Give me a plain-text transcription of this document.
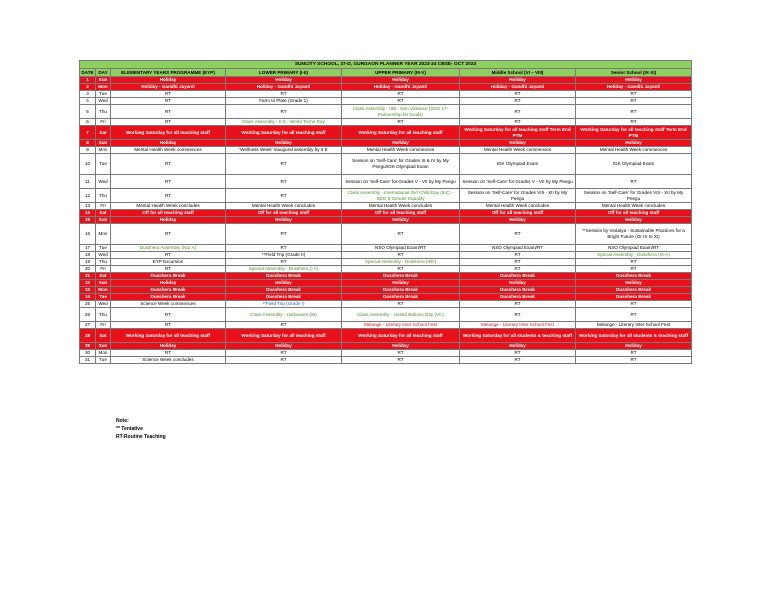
SUNCITY SCHOOL, 37-D, GURGAON PLANNER YEAR 2023-24 CBSE- OCT 2023						
DATE	DAY	ELEMENTARY YEARS PROGRAMME (EYP)	LOWER PRIMARY (I-II)	UPPER PRIMARY (III-V)	Middle School (VI – VIII)	Senior School (IX-XI)
1	Sun	Holiday	Holiday	Holiday	Holiday	Holiday
2	Mon	Holiday - Gandhi Jayanti	Holiday - Gandhi Jayanti	Holiday - Gandhi Jayanti	Holiday - Gandhi Jayanti	Holiday - Gandhi Jayanti
3	Tue	RT	RT	RT	RT	RT
4	Wed	RT	Farm to Plate (Grade 1)	RT	RT	RT
5	Thu	RT	RT	Class Assembly - IIIB - Non Violence (SDG 17-Partnership for Goals)	RT	RT
6	Fri	RT	Class Assembly - II D - World Teche Day	RT	RT	RT
7	Sat	Working Saturday for all teaching staff	Working Saturday for all teaching staff	Working Saturday for all teaching staff	Working Saturday for all teaching staff Term End PTM	Working Saturday for all teaching staff Term End PTM
8	Sun	Holiday	Holiday	Holiday	Holiday	Holiday
9	Mon	Mental Health Week commences	'Wellness Week' inaugural assembly by II E	Mental Health Week commences	Mental Health Week commences	Mental Health Week commences
10	Tue	RT	RT	Session on 'Self-Care' for Grades III & IV by My Peegu/IGK Olympiad Exam	IGK Olympiad Exam	IGK Olympiad Exam
11	Wed	RT	RT	Session on 'Self-Care' for Grades V - VII by My Peegu	Session on 'Self-Care' for Grades V - VII by My Peegu	RT
12	Thu	RT	RT	Class Assembly - International Girl Child Day (IIIC) - SDG 5 Gender Equality	Session on 'Self-Care' for Grades VIII - XII by My Peegu	Session on 'Self-Care' for Grades VIII - XII by My Peegu
13	Fri	Mental Health Week concludes	Mental Health Week concludes	Mental Health Week concludes	Mental Health Week concludes	Mental Health Week concludes
14	Sat	Off for all teaching staff	Off for all teaching staff	Off for all teaching staff	Off for all teaching staff	Off for all teaching staff
15	Sun	Holiday	Holiday	Holiday	Holiday	Holiday
16	Mon	RT	RT	RT	RT	**Session by Vedatya - Sustainable Practices for a Bright Future (Gr IX to XI)
17	Tue	Dusshera Assembly (Nur A)	RT	NSO Olympiad Exam/RT	NSO Olympiad Exam/RT	NSO Olympiad Exam/RT
18	Wed	RT	**Field Trip (Grade II)	RT	RT	Special Assembly - Dusshera (IX-A)
19	Thu	EYP Excursion	RT	Special Assembly - Dusshera (IIID)	RT	RT
20	Fri	RT	Special Assembly - Dusshera (I A)	RT	RT	RT
21	Sat	Dusshera Break	Dusshera Break	Dusshera Break	Dusshera Break	Dusshera Break
22	Sun	Holiday	Holiday	Holiday	Holiday	Holiday
23	Mon	Dusshera Break	Dusshera Break	Dusshera Break	Dusshera Break	Dusshera Break
24	Tue	Dusshera Break	Dusshera Break	Dusshera Break	Dusshera Break	Dusshera Break
25	Wed	Science Week commences	**Field Trip (Grade I)	RT	RT	RT
26	Thu	RT	Class Assembly - Halloween (IB)	Class Assembly - United Nations Day (VC)	RT	RT
27	Fri	RT	RT	Melange - Literary Inter School Fest	Melange - Literary Inter School Fest	Melange - Literary Inter School Fest
28	Sat	Working Saturday for all teaching staff	Working Saturday for all teaching staff	Working Saturday for all teaching staff	Working Saturday for all students & teaching staff	Working Saturday for all students & teaching staff
29	Sun	Holiday	Holiday	Holiday	Holiday	Holiday
30	Mon	RT	RT	RT	RT	RT
31	Tue	Science Week concludes	RT	RT	RT	RT
Note:
** Tentative
RT-Routine Teaching
